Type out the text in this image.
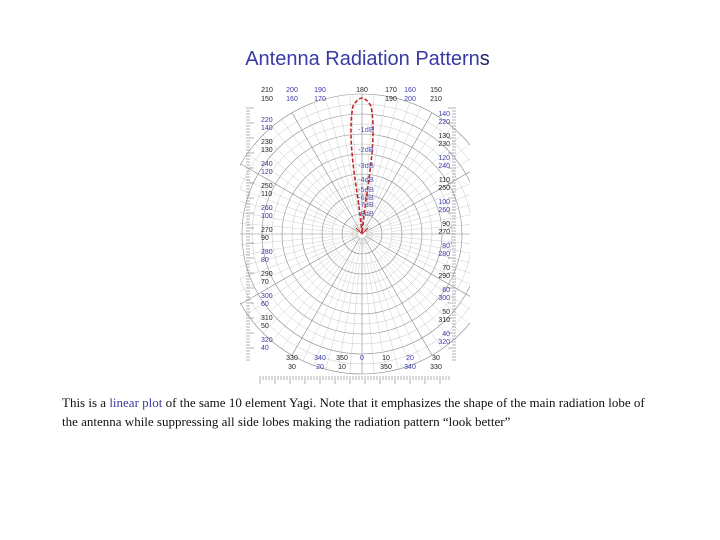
Antenna Radiation Patterns
-1dB
-2dB
-3dB
-4dB
-5dB
-6dB
-7dB
-8dB
210
150
200
160
190
170
180 170
190
160
200
150
210
330
30
340
20
350
10
0	10
350
20
340
30
330
220
140
230
130
240
120
250
110
260
100
270
90
280
80
290
70
300
60
310
50
320
40
140
220
130
230
120
240
110
250
100
260
90
270
80
280
70
290
60
300
50
310
40
320
This is a linear plot of the same 10 element Yagi. Note that it emphasizes the shape of the main radiation lobe of the antenna while suppressing all side lobes making the radiation pattern “look better”
